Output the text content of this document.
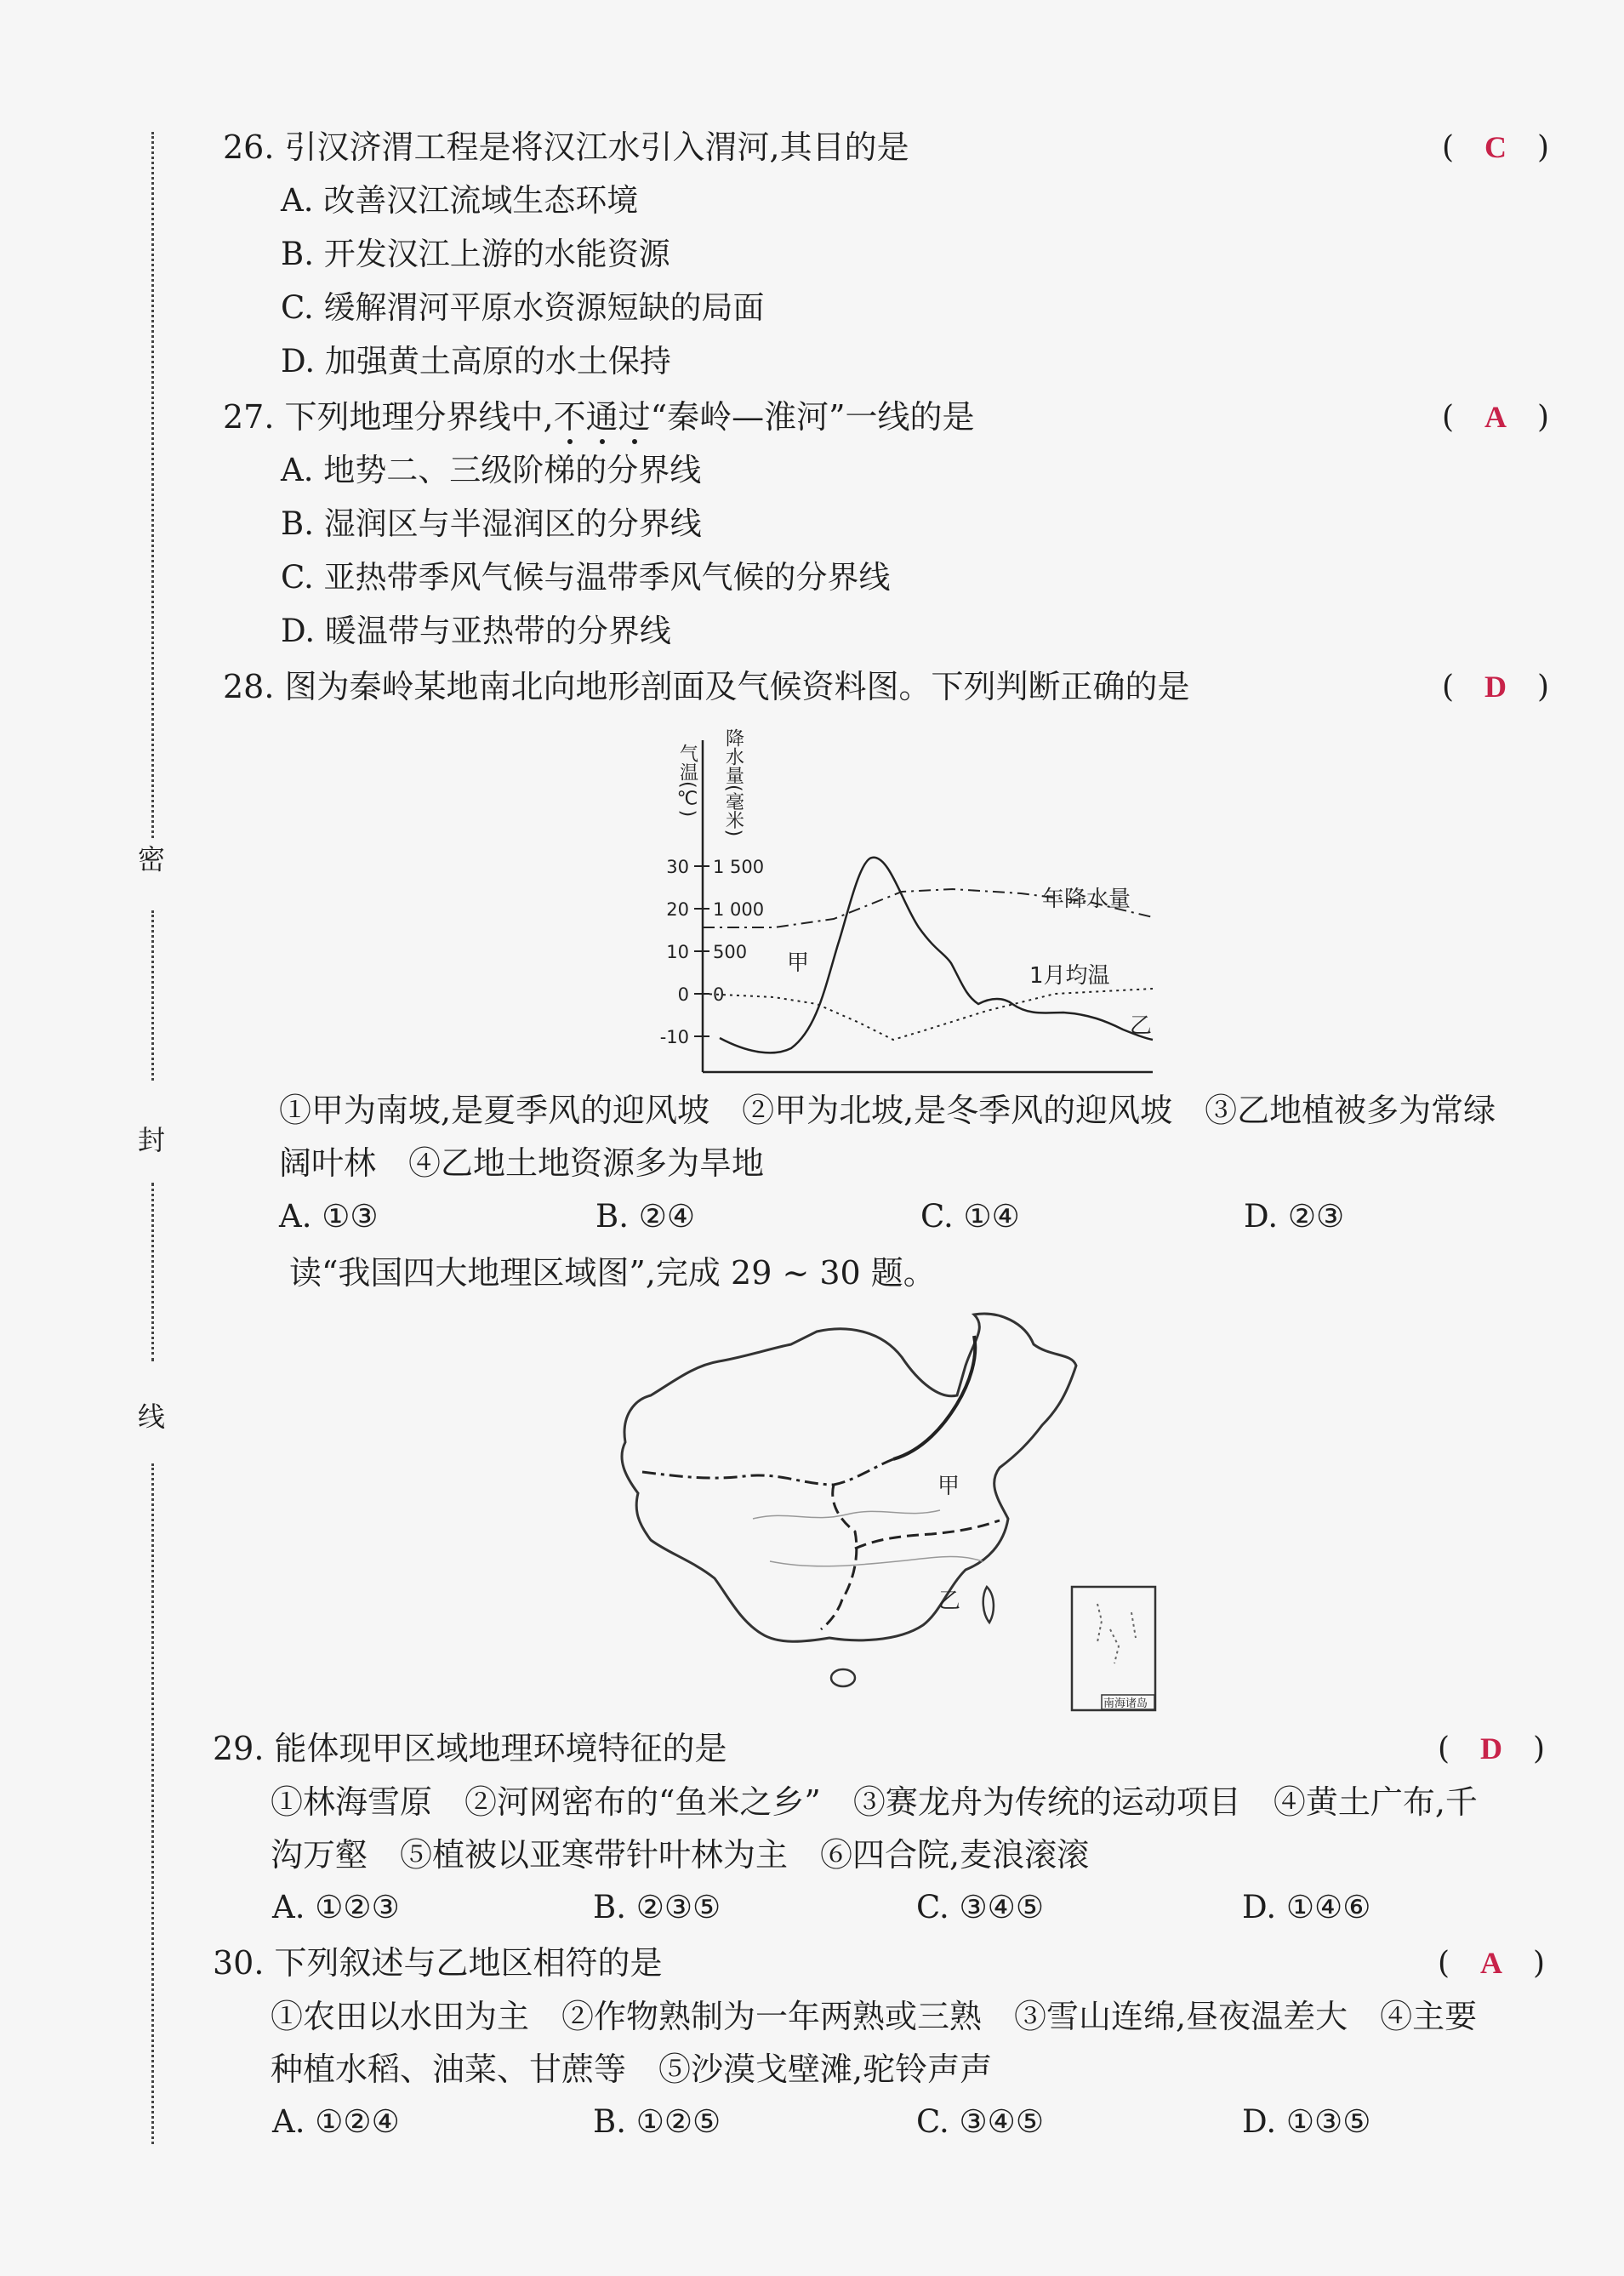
密
封
线
26. 引汉济渭工程是将汉江水引入渭河,其目的是	(　C　)
A. 改善汉江流域生态环境
B. 开发汉江上游的水能资源
C. 缓解渭河平原水资源短缺的局面
D. 加强黄土高原的水土保持
27. 下列地理分界线中,不通过“秦岭—淮河”一线的是	(　A　)
A. 地势二、三级阶梯的分界线
B. 湿润区与半湿润区的分界线
C. 亚热带季风气候与温带季风气候的分界线
D. 暖温带与亚热带的分界线
28. 图为秦岭某地南北向地形剖面及气候资料图。下列判断正确的是	(　D　)
气温(℃) 降水量(毫米)
30
20
10
0
-10
1 500
1 000
500
0
年降水量
1月均温
甲
乙
①甲为南坡,是夏季风的迎风坡　②甲为北坡,是冬季风的迎风坡　③乙地植被多为常绿
阔叶林　④乙地土地资源多为旱地
A. ①③	B. ②④	C. ①④	D. ②③
读“我国四大地理区域图”,完成 29 ~ 30 题。
甲
乙
南海诸岛
29. 能体现甲区域地理环境特征的是	(　D　)
①林海雪原　②河网密布的“鱼米之乡”　③赛龙舟为传统的运动项目　④黄土广布,千
沟万壑　⑤植被以亚寒带针叶林为主　⑥四合院,麦浪滚滚
A. ①②③	B. ②③⑤	C. ③④⑤	D. ①④⑥
30. 下列叙述与乙地区相符的是	(　A　)
①农田以水田为主　②作物熟制为一年两熟或三熟　③雪山连绵,昼夜温差大　④主要
种植水稻、油菜、甘蔗等　⑤沙漠戈壁滩,驼铃声声
A. ①②④	B. ①②⑤	C. ③④⑤	D. ①③⑤
